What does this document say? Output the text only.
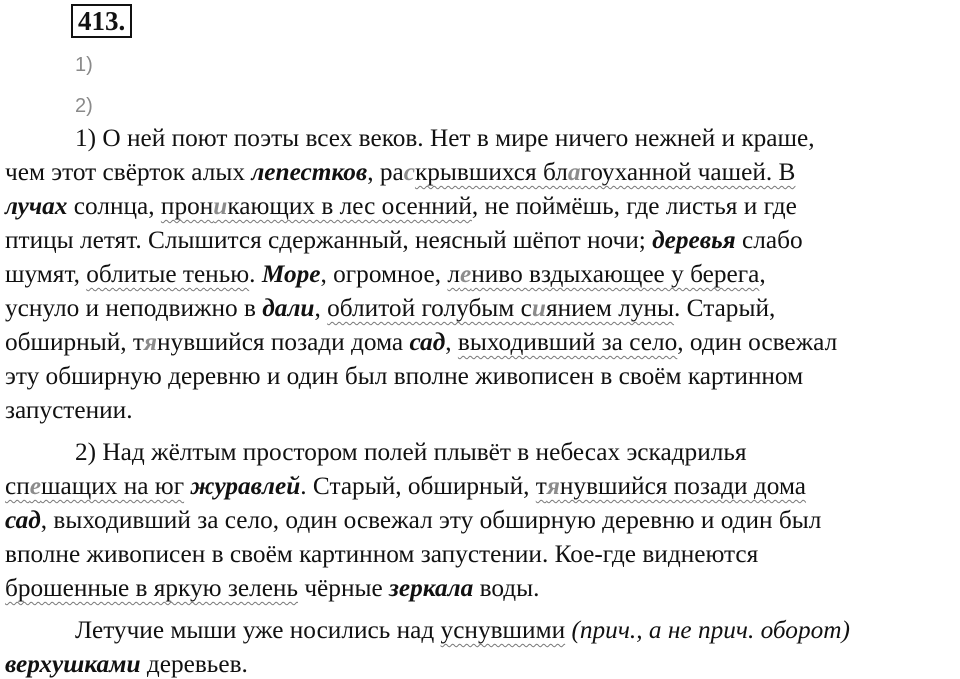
413.
1)
2)
1) О ней поют поэты всех веков. Нет в мире ничего нежней и краше,
чем этот свёрток алых лепестков, раскрывшихся благоуханной чашей. В
лучах солнца, проникающих в лес осенний, не поймёшь, где листья и где
птицы летят. Слышится сдержанный, неясный шёпот ночи; деревья слабо
шумят, облитые тенью. Море, огромное, лениво вздыхающее у берега,
уснуло и неподвижно в дали, облитой голубым сиянием луны. Старый,
обширный, тянувшийся позади дома сад, выходивший за село, один освежал
эту обширную деревню и один был вполне живописен в своём картинном
запустении.
2) Над жёлтым простором полей плывёт в небесах эскадрилья
спешащих на юг журавлей. Старый, обширный, тянувшийся позади дома
сад, выходивший за село, один освежал эту обширную деревню и один был
вполне живописен в своём картинном запустении. Кое-где виднеются
брошенные в яркую зелень чёрные зеркала воды.
Летучие мыши уже носились над уснувшими (прич., а не прич. оборот)
верхушками деревьев.
